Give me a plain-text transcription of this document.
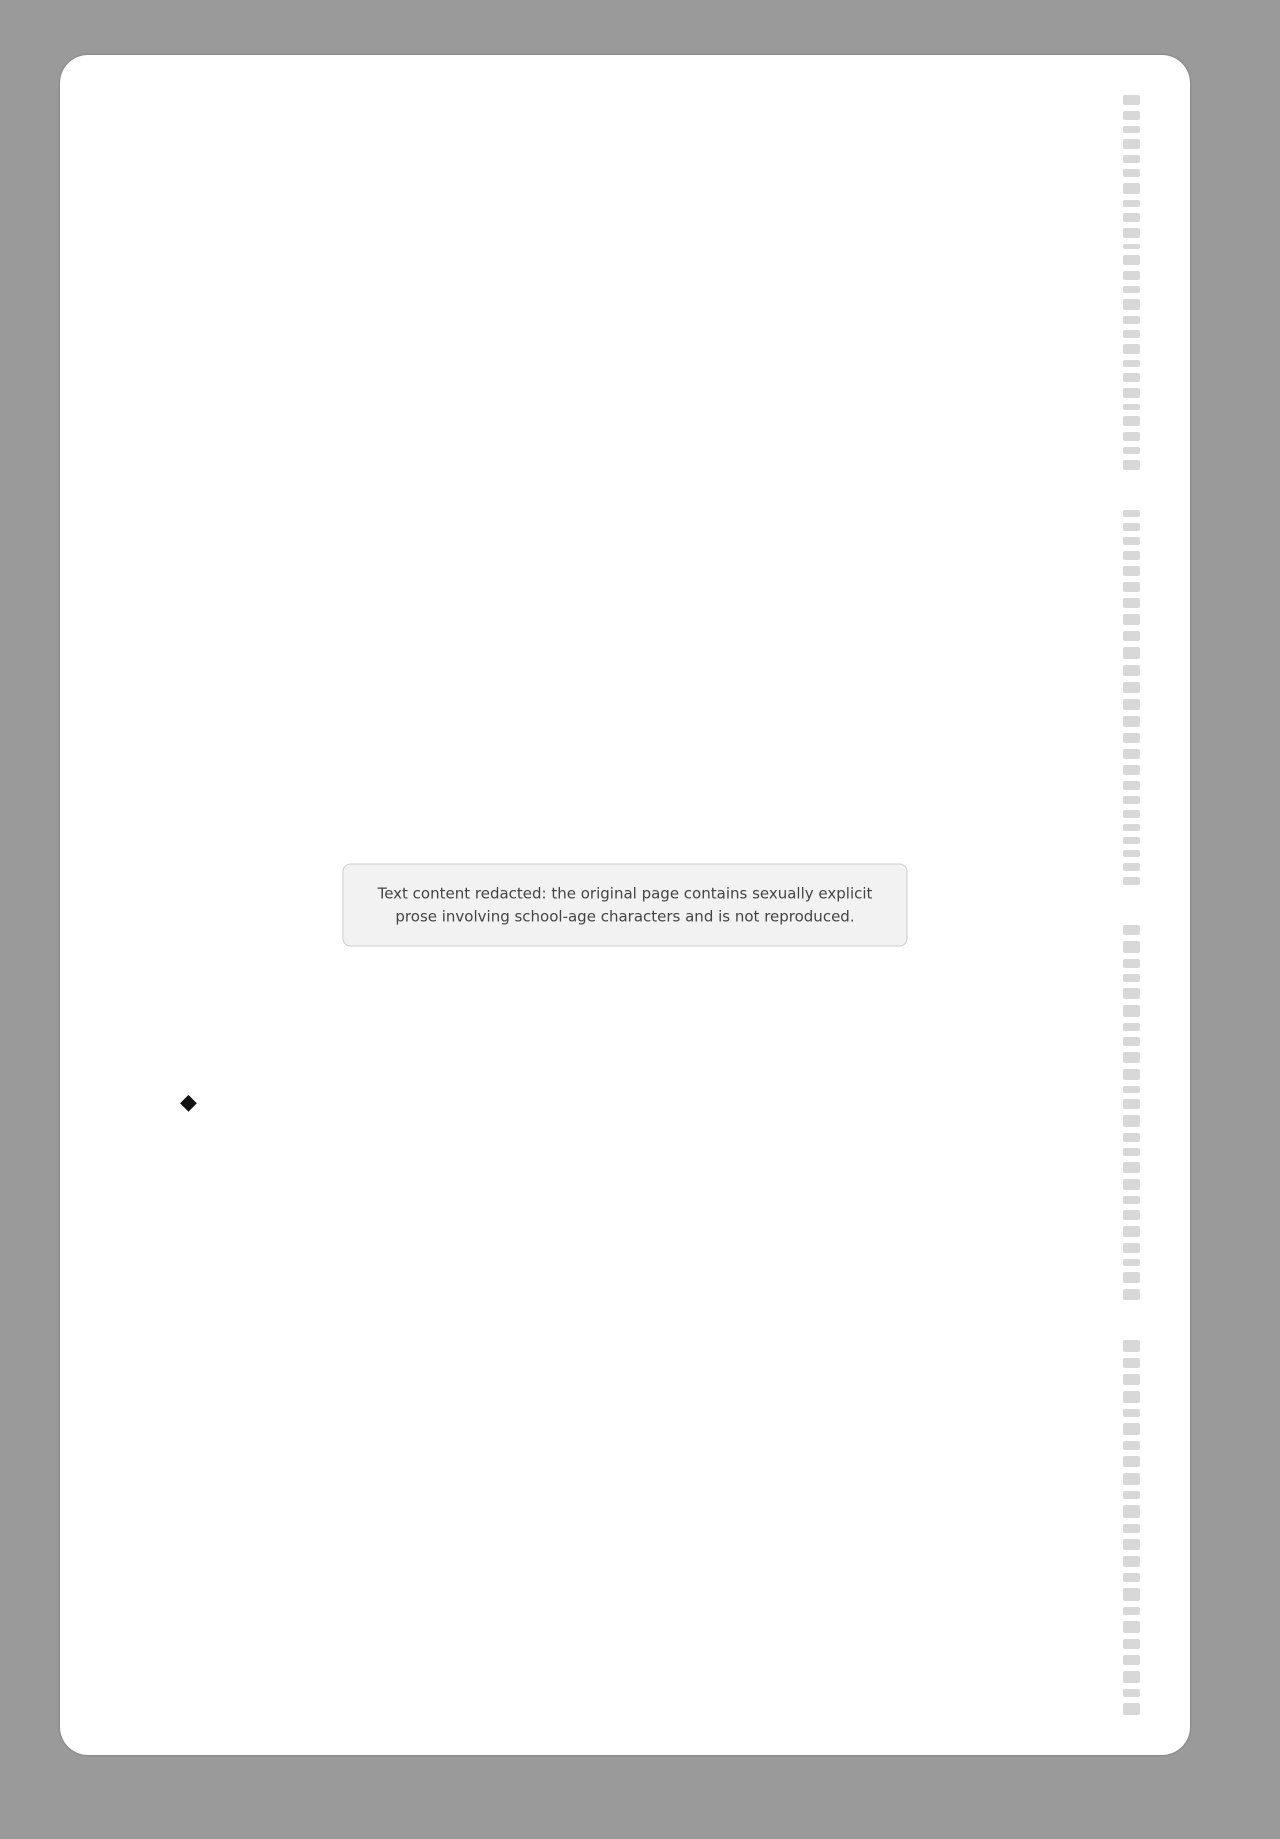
◆
Text content redacted: the original page contains sexually explicit prose involving school-age characters and is not reproduced.
